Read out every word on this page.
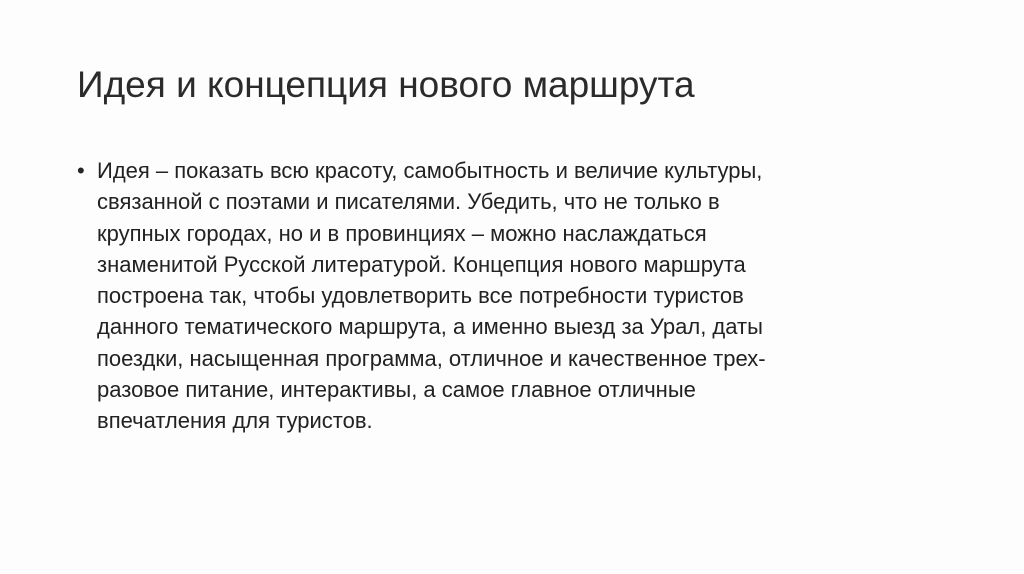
Идея и концепция нового маршрута
• Идея – показать всю красоту, самобытность и величие культуры,
связанной с поэтами и писателями. Убедить, что не только в
крупных городах, но и в провинциях – можно наслаждаться
знаменитой Русской литературой. Концепция нового маршрута
построена так, чтобы удовлетворить все потребности туристов
данного тематического маршрута, а именно выезд за Урал, даты
поездки, насыщенная программа, отличное и качественное трех-
разовое питание, интерактивы, а самое главное отличные
впечатления для туристов.
